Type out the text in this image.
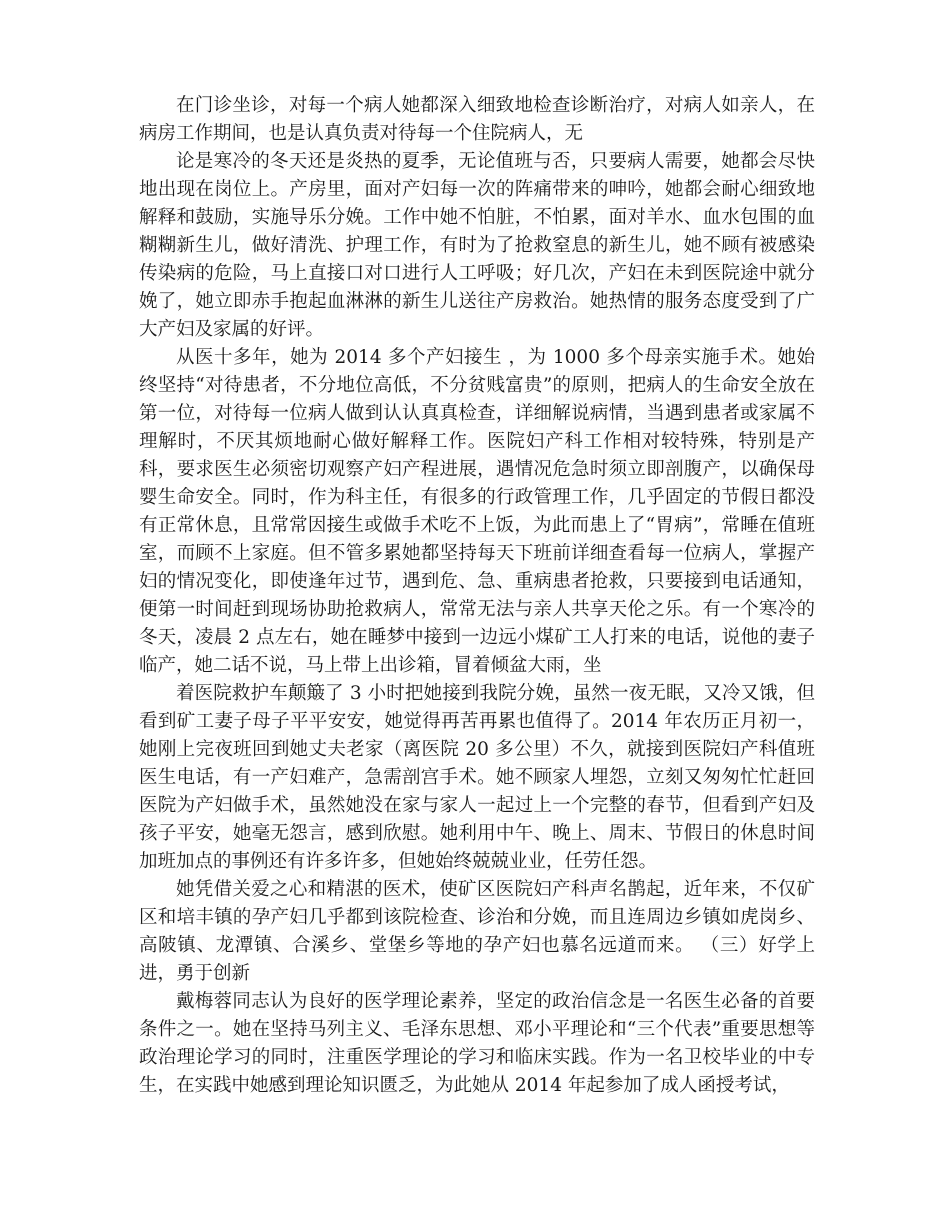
在门诊坐诊，对每一个病人她都深入细致地检查诊断治疗，对病人如亲人，在病房工作期间，也是认真负责对待每一个住院病人，无

论是寒冷的冬天还是炎热的夏季，无论值班与否，只要病人需要，她都会尽快地出现在岗位上。产房里，面对产妇每一次的阵痛带来的呻吟，她都会耐心细致地解释和鼓励，实施导乐分娩。工作中她不怕脏，不怕累，面对羊水、血水包围的血糊糊新生儿，做好清洗、护理工作，有时为了抢救窒息的新生儿，她不顾有被感染传染病的危险，马上直接口对口进行人工呼吸；好几次，产妇在未到医院途中就分娩了，她立即赤手抱起血淋淋的新生儿送往产房救治。她热情的服务态度受到了广大产妇及家属的好评。

从医十多年，她为 2014 多个产妇接生 ，为 1000 多个母亲实施手术。她始终坚持“对待患者，不分地位高低，不分贫贱富贵”的原则，把病人的生命安全放在第一位，对待每一位病人做到认认真真检查，详细解说病情，当遇到患者或家属不理解时，不厌其烦地耐心做好解释工作。医院妇产科工作相对较特殊，特别是产科，要求医生必须密切观察产妇产程进展，遇情况危急时须立即剖腹产，以确保母婴生命安全。同时，作为科主任，有很多的行政管理工作，几乎固定的节假日都没有正常休息，且常常因接生或做手术吃不上饭，为此而患上了“胃病”，常睡在值班室，而顾不上家庭。但不管多累她都坚持每天下班前详细查看每一位病人，掌握产妇的情况变化，即使逢年过节，遇到危、急、重病患者抢救，只要接到电话通知，便第一时间赶到现场协助抢救病人，常常无法与亲人共享天伦之乐。有一个寒冷的冬天，凌晨 2 点左右，她在睡梦中接到一边远小煤矿工人打来的电话，说他的妻子临产，她二话不说，马上带上出诊箱，冒着倾盆大雨，坐

着医院救护车颠簸了 3 小时把她接到我院分娩，虽然一夜无眠，又冷又饿，但看到矿工妻子母子平平安安，她觉得再苦再累也值得了。2014 年农历正月初一，她刚上完夜班回到她丈夫老家（离医院 20 多公里）不久，就接到医院妇产科值班医生电话，有一产妇难产，急需剖宫手术。她不顾家人埋怨，立刻又匆匆忙忙赶回医院为产妇做手术，虽然她没在家与家人一起过上一个完整的春节，但看到产妇及孩子平安，她毫无怨言，感到欣慰。她利用中午、晚上、周末、节假日的休息时间加班加点的事例还有许多许多，但她始终兢兢业业，任劳任怨。

她凭借关爱之心和精湛的医术，使矿区医院妇产科声名鹊起，近年来，不仅矿区和培丰镇的孕产妇几乎都到该院检查、诊治和分娩，而且连周边乡镇如虎岗乡、高陂镇、龙潭镇、合溪乡、堂堡乡等地的孕产妇也慕名远道而来。 （三）好学上进，勇于创新

戴梅蓉同志认为良好的医学理论素养，坚定的政治信念是一名医生必备的首要条件之一。她在坚持马列主义、毛泽东思想、邓小平理论和“三个代表”重要思想等政治理论学习的同时，注重医学理论的学习和临床实践。作为一名卫校毕业的中专生，在实践中她感到理论知识匮乏，为此她从 2014 年起参加了成人函授考试，
